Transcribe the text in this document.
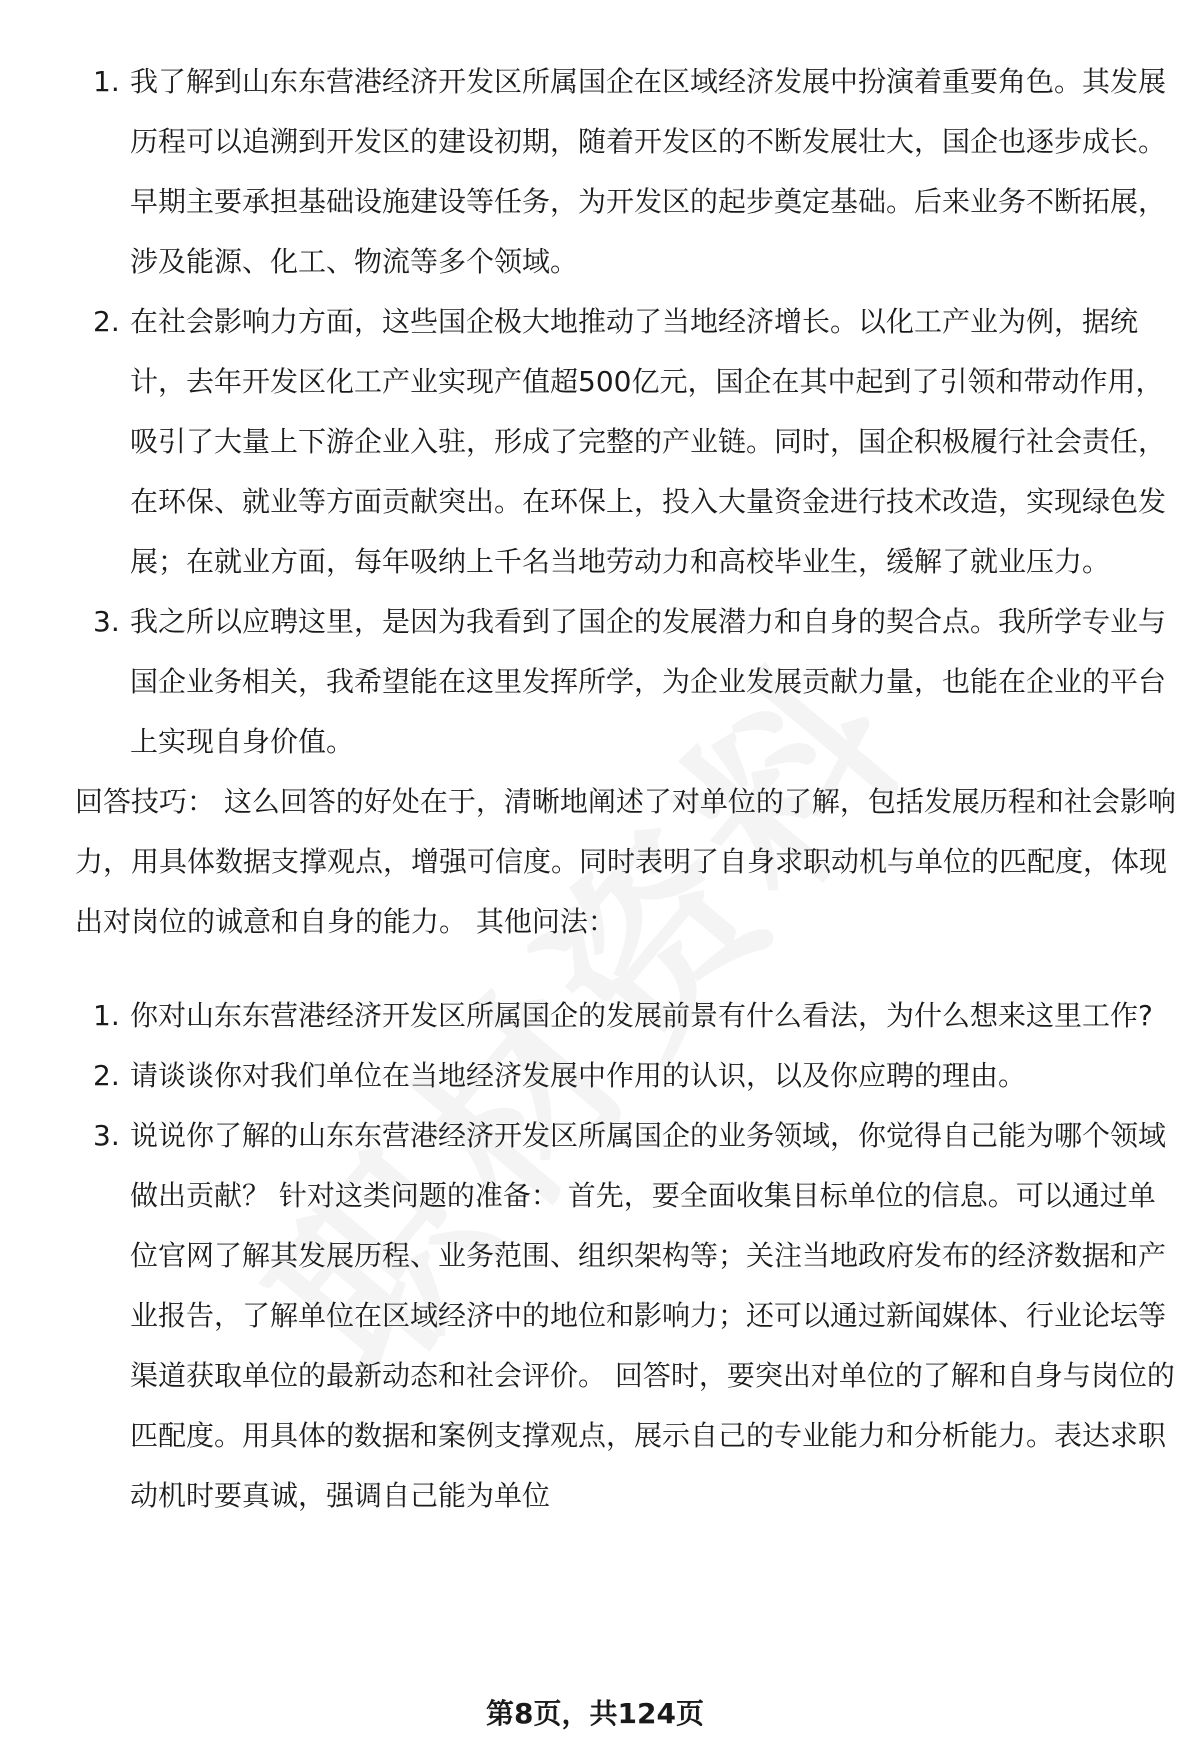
1. 我了解到山东东营港经济开发区所属国企在区域经济发展中扮演着重要角色。其发展历程可以追溯到开发区的建设初期，随着开发区的不断发展壮大，国企也逐步成长。早期主要承担基础设施建设等任务，为开发区的起步奠定基础。后来业务不断拓展，涉及能源、化工、物流等多个领域。
2. 在社会影响力方面，这些国企极大地推动了当地经济增长。以化工产业为例，据统计，去年开发区化工产业实现产值超500亿元，国企在其中起到了引领和带动作用，吸引了大量上下游企业入驻，形成了完整的产业链。同时，国企积极履行社会责任，在环保、就业等方面贡献突出。在环保上，投入大量资金进行技术改造，实现绿色发展；在就业方面，每年吸纳上千名当地劳动力和高校毕业生，缓解了就业压力。
3. 我之所以应聘这里，是因为我看到了国企的发展潜力和自身的契合点。我所学专业与国企业务相关，我希望能在这里发挥所学，为企业发展贡献力量，也能在企业的平台上实现自身价值。

回答技巧： 这么回答的好处在于，清晰地阐述了对单位的了解，包括发展历程和社会影响力，用具体数据支撑观点，增强可信度。同时表明了自身求职动机与单位的匹配度，体现出对岗位的诚意和自身的能力。 其他问法：

1. 你对山东东营港经济开发区所属国企的发展前景有什么看法，为什么想来这里工作?
2. 请谈谈你对我们单位在当地经济发展中作用的认识，以及你应聘的理由。
3. 说说你了解的山东东营港经济开发区所属国企的业务领域，你觉得自己能为哪个领域做出贡献？ 针对这类问题的准备： 首先，要全面收集目标单位的信息。可以通过单位官网了解其发展历程、业务范围、组织架构等；关注当地政府发布的经济数据和产业报告，了解单位在区域经济中的地位和影响力；还可以通过新闻媒体、行业论坛等渠道获取单位的最新动态和社会评价。 回答时，要突出对单位的了解和自身与岗位的匹配度。用具体的数据和案例支撑观点，展示自己的专业能力和分析能力。表达求职动机时要真诚，强调自己能为单位
第8页，共124页
